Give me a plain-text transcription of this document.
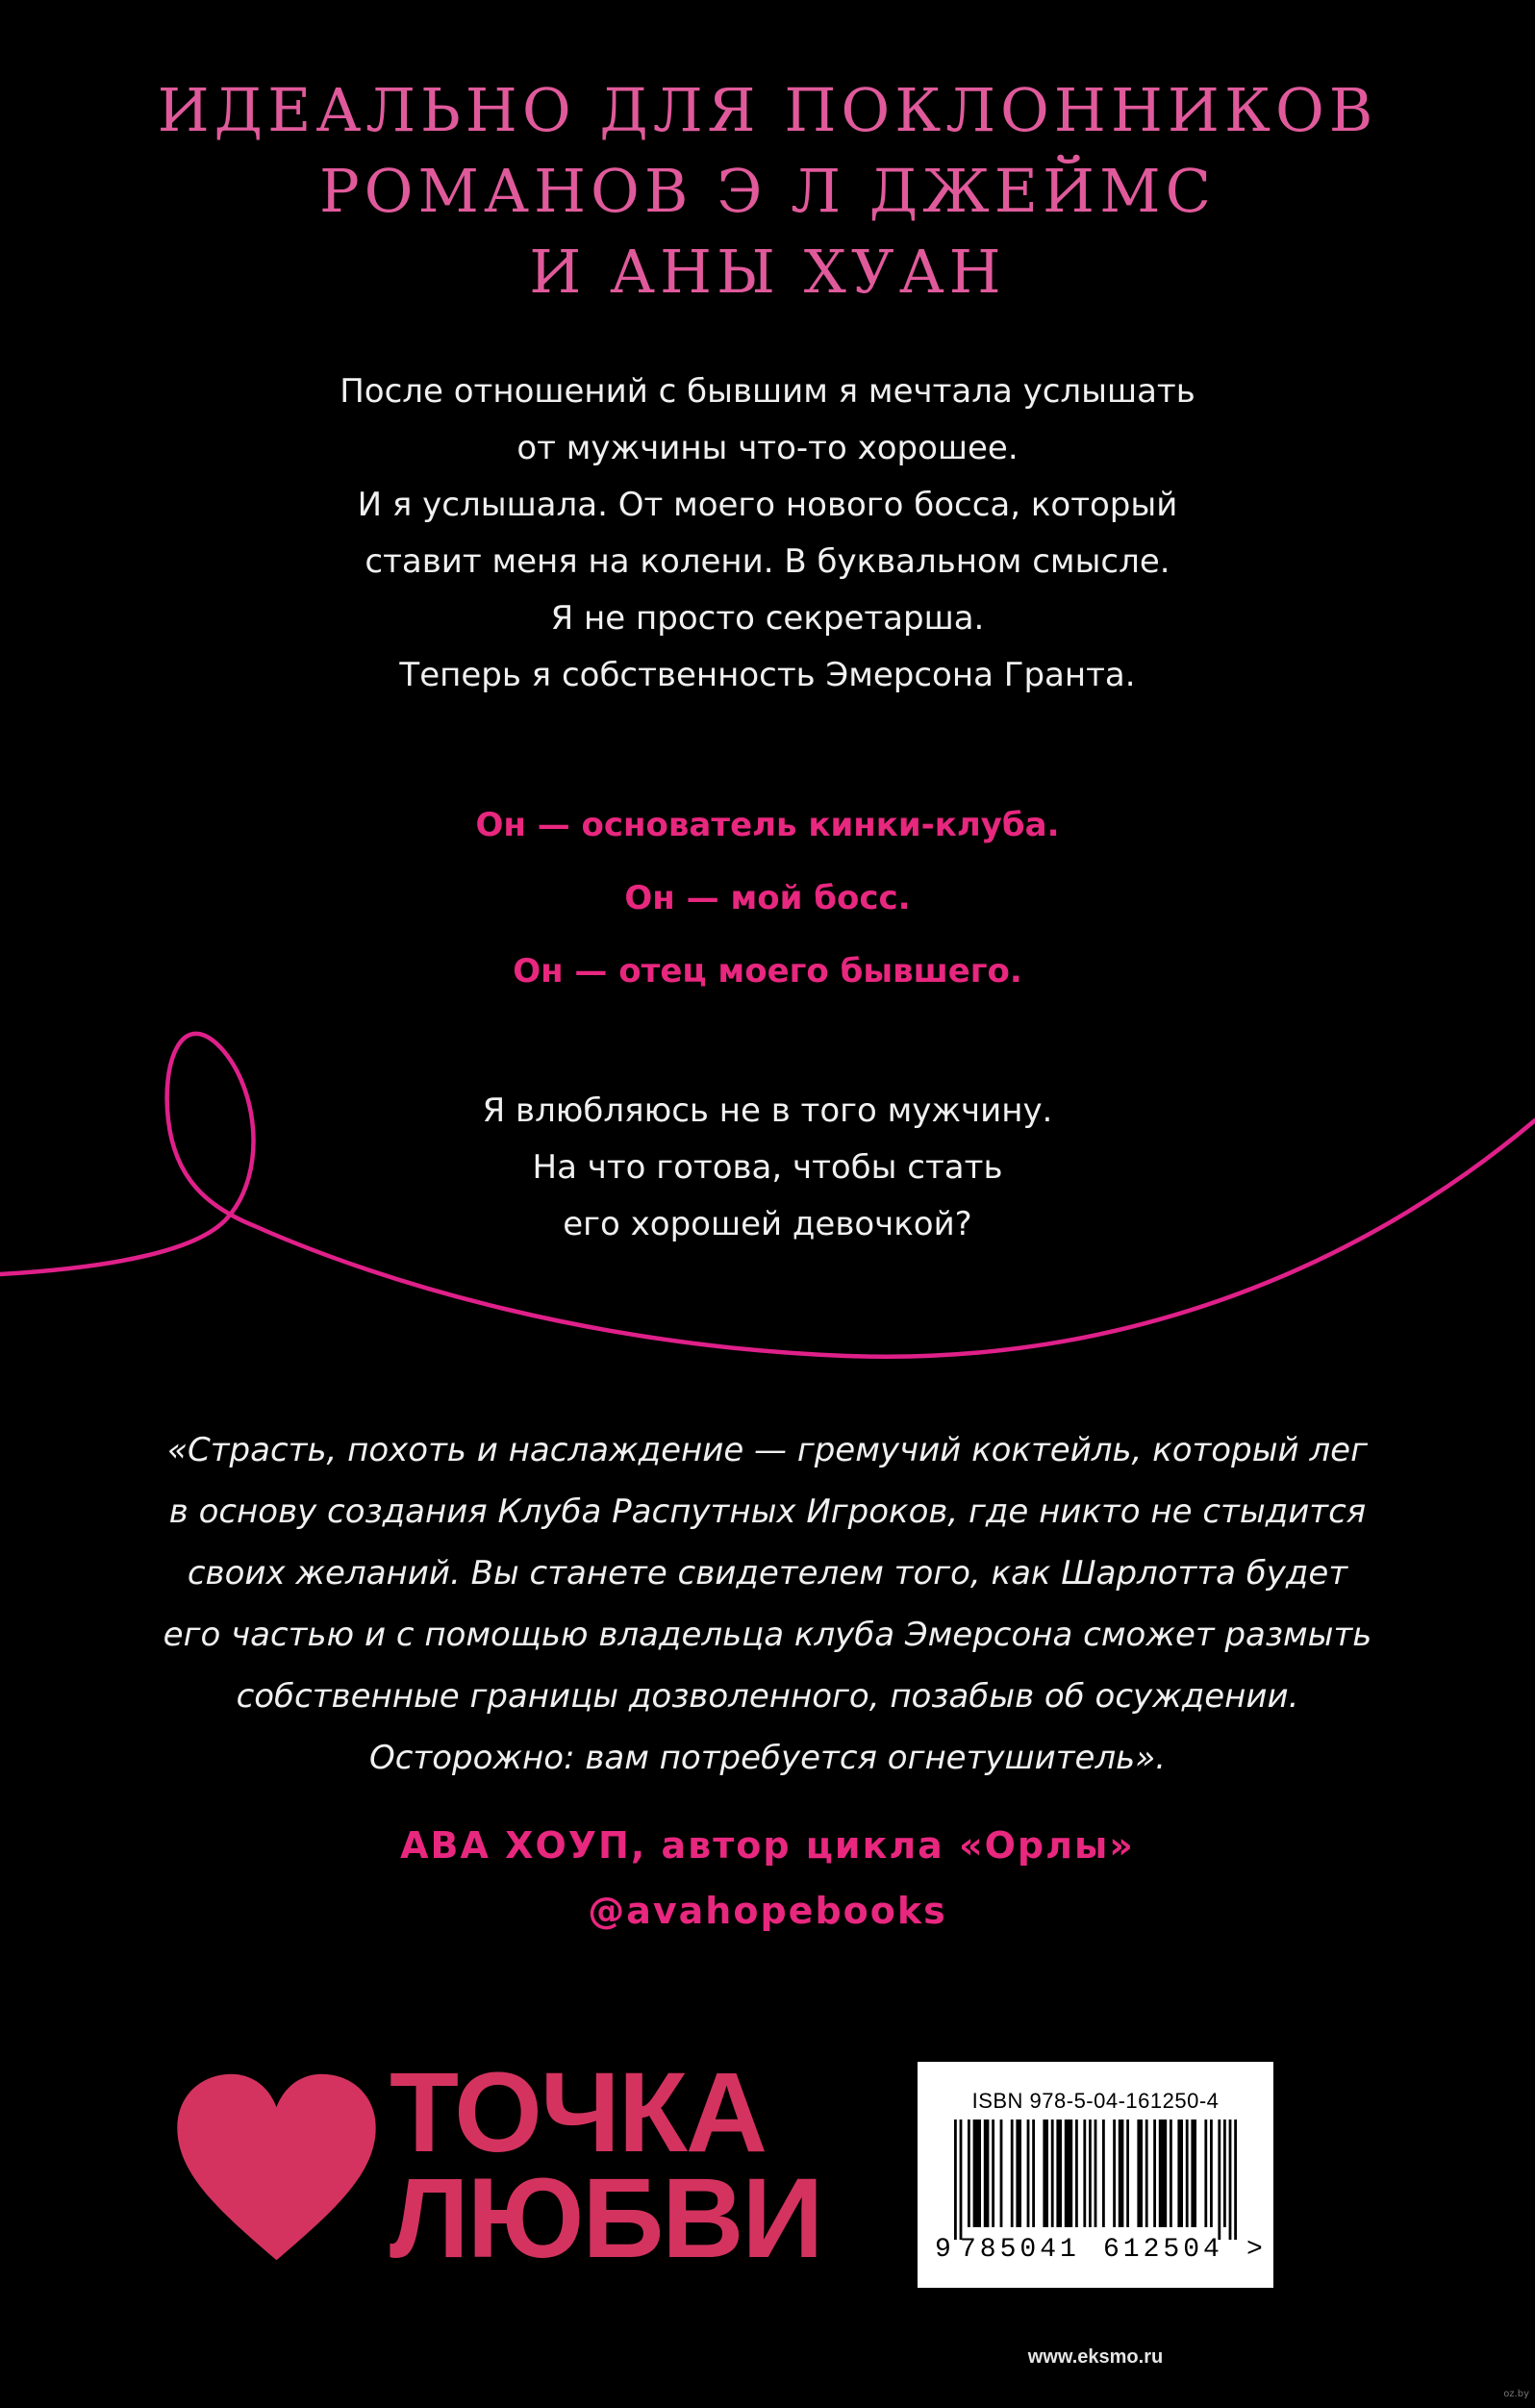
ИДЕАЛЬНО ДЛЯ ПОКЛОННИКОВ
РОМАНОВ Э Л ДЖЕЙМС
И АНЫ ХУАН
После отношений с бывшим я мечтала услышать
от мужчины что-то хорошее.
И я услышала. От моего нового босса, который
ставит меня на колени. В буквальном смысле.
Я не просто секретарша.
Теперь я собственность Эмерсона Гранта.
Он — основатель кинки-клуба.
Он — мой босс.
Он — отец моего бывшего.
Я влюбляюсь не в того мужчину.
На что готова, чтобы стать
его хорошей девочкой?
«Страсть, похоть и наслаждение — гремучий коктейль, который лег
в основу создания Клуба Распутных Игроков, где никто не стыдится
своих желаний. Вы станете свидетелем того, как Шарлотта будет
его частью и с помощью владельца клуба Эмерсона сможет размыть
собственные границы дозволенного, позабыв об осуждении.
Осторожно: вам потребуется огнетушитель».
АВА ХОУП, автор цикла «Орлы»
@avahopebooks
ТОЧКА
ЛЮБВИ
ISBN 978-5-04-161250-4
9 785041 612504 >
www.eksmo.ru
oz.by
